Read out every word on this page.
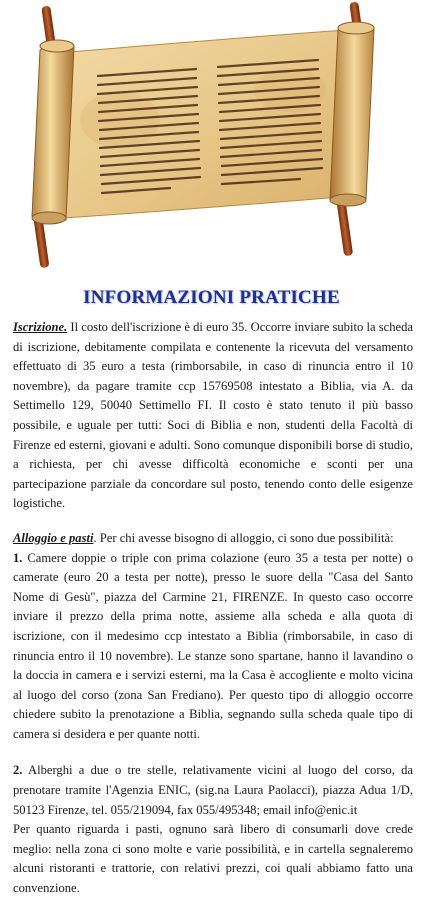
INFORMAZIONI PRATICHE

Iscrizione. Il costo dell'iscrizione è di euro 35. Occorre inviare subito la scheda di iscrizione, debitamente compilata e contenente la ricevuta del versamento effettuato di 35 euro a testa (rimborsabile, in caso di rinuncia entro il 10 novembre), da pagare tramite ccp 15769508 intestato a Biblia, via A. da Settimello 129, 50040 Settimello FI. Il costo è stato tenuto il più basso possibile, e uguale per tutti: Soci di Biblia e non, studenti della Facoltà di Firenze ed esterni, giovani e adulti. Sono comunque disponibili borse di studio, a richiesta, per chi avesse difficoltà economiche e sconti per una partecipazione parziale da concordare sul posto, tenendo conto delle esigenze logistiche.

Alloggio e pasti. Per chi avesse bisogno di alloggio, ci sono due possibilità:
1. Camere doppie o triple con prima colazione (euro 35 a testa per notte) o camerate (euro 20 a testa per notte), presso le suore della "Casa del Santo Nome di Gesù", piazza del Carmine 21, FIRENZE. In questo caso occorre inviare il prezzo della prima notte, assieme alla scheda e alla quota di iscrizione, con il medesimo ccp intestato a Biblia (rimborsabile, in caso di rinuncia entro il 10 novembre). Le stanze sono spartane, hanno il lavandino o la doccia in camera e i servizi esterni, ma la Casa è accogliente e molto vicina al luogo del corso (zona San Frediano). Per questo tipo di alloggio occorre chiedere subito la prenotazione a Biblia, segnando sulla scheda quale tipo di camera si desidera e per quante notti.

2. Alberghi a due o tre stelle, relativamente vicini al luogo del corso, da prenotare tramite l'Agenzia ENIC, (sig.na Laura Paolacci), piazza Adua 1/D, 50123 Firenze, tel. 055/219094, fax 055/495348; email info@enic.it
Per quanto riguarda i pasti, ognuno sarà libero di consumarli dove crede meglio: nella zona ci sono molte e varie possibilità, e in cartella segnaleremo alcuni ristoranti e trattorie, con relativi prezzi, coi quali abbiamo fatto una convenzione.
